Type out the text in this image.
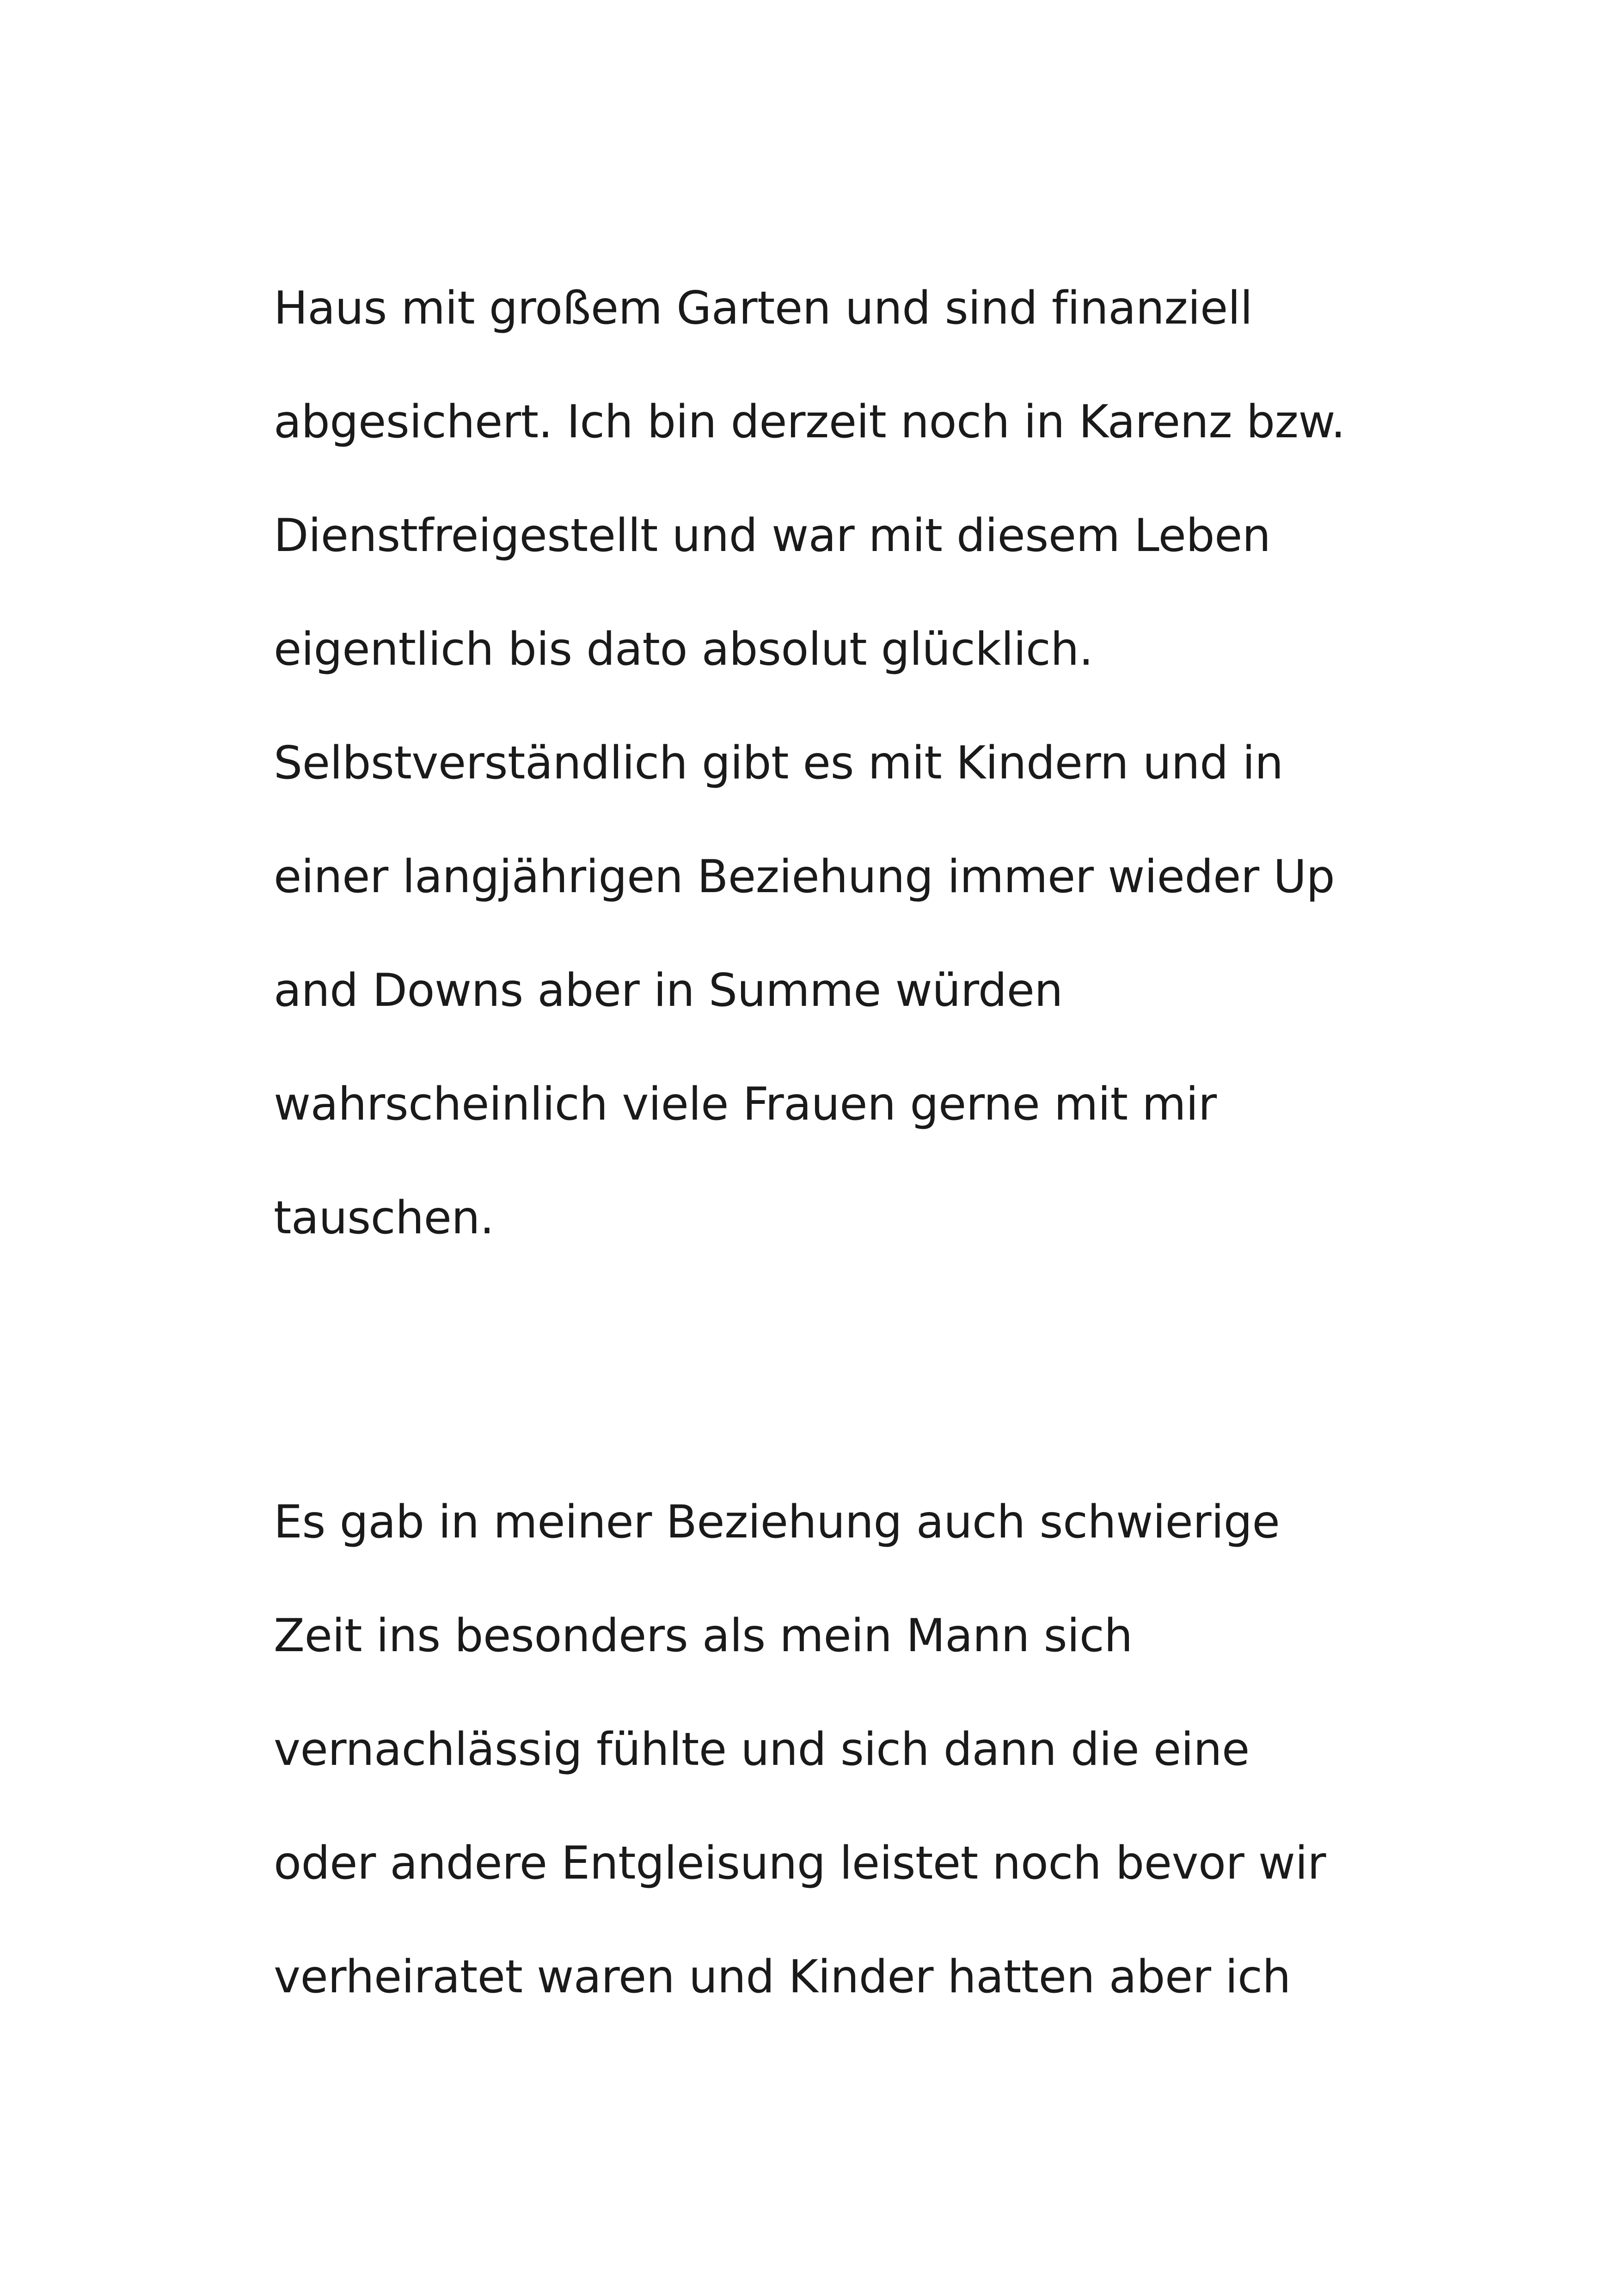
Haus mit großem Garten und sind finanziell
abgesichert. Ich bin derzeit noch in Karenz bzw.
Dienstfreigestellt und war mit diesem Leben
eigentlich bis dato absolut glücklich.
Selbstverständlich gibt es mit Kindern und in
einer langjährigen Beziehung immer wieder Up
and Downs aber in Summe würden
wahrscheinlich viele Frauen gerne mit mir
tauschen.
Es gab in meiner Beziehung auch schwierige
Zeit ins besonders als mein Mann sich
vernachlässig fühlte und sich dann die eine
oder andere Entgleisung leistet noch bevor wir
verheiratet waren und Kinder hatten aber ich
